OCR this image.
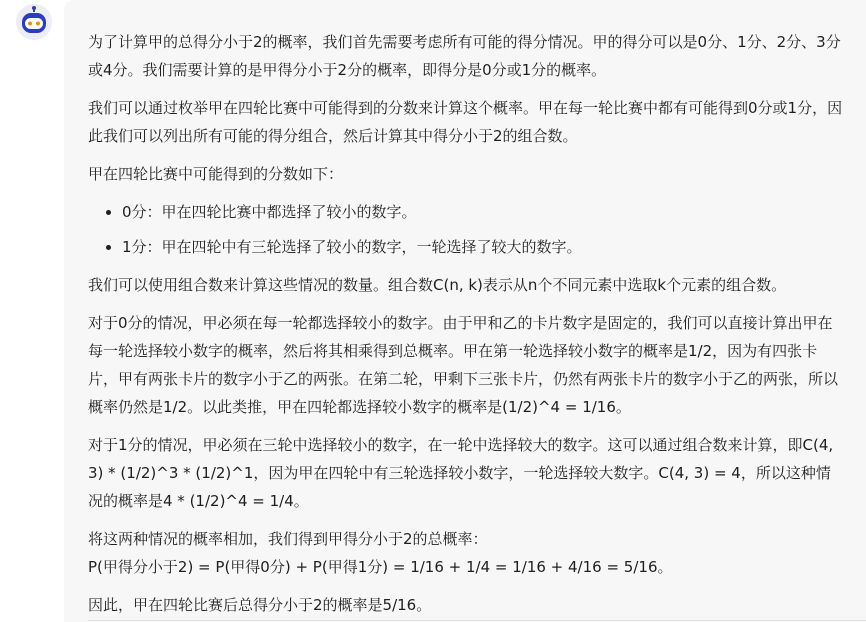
为了计算甲的总得分小于2的概率，我们首先需要考虑所有可能的得分情况。甲的得分可以是0分、1分、2分、3分或4分。我们需要计算的是甲得分小于2分的概率，即得分是0分或1分的概率。

我们可以通过枚举甲在四轮比赛中可能得到的分数来计算这个概率。甲在每一轮比赛中都有可能得到0分或1分，因此我们可以列出所有可能的得分组合，然后计算其中得分小于2的组合数。

甲在四轮比赛中可能得到的分数如下：

• 0分：甲在四轮比赛中都选择了较小的数字。
• 1分：甲在四轮中有三轮选择了较小的数字，一轮选择了较大的数字。

我们可以使用组合数来计算这些情况的数量。组合数C(n, k)表示从n个不同元素中选取k个元素的组合数。

对于0分的情况，甲必须在每一轮都选择较小的数字。由于甲和乙的卡片数字是固定的，我们可以直接计算出甲在每一轮选择较小数字的概率，然后将其相乘得到总概率。甲在第一轮选择较小数字的概率是1/2，因为有四张卡片，甲有两张卡片的数字小于乙的两张。在第二轮，甲剩下三张卡片，仍然有两张卡片的数字小于乙的两张，所以概率仍然是1/2。以此类推，甲在四轮都选择较小数字的概率是(1/2)^4 = 1/16。

对于1分的情况，甲必须在三轮中选择较小的数字，在一轮中选择较大的数字。这可以通过组合数来计算，即C(4, 3) * (1/2)^3 * (1/2)^1，因为甲在四轮中有三轮选择较小数字，一轮选择较大数字。C(4, 3) = 4，所以这种情况的概率是4 * (1/2)^4 = 1/4。

将这两种情况的概率相加，我们得到甲得分小于2的总概率：
P(甲得分小于2) = P(甲得0分) + P(甲得1分) = 1/16 + 1/4 = 1/16 + 4/16 = 5/16。

因此，甲在四轮比赛后总得分小于2的概率是5/16。
